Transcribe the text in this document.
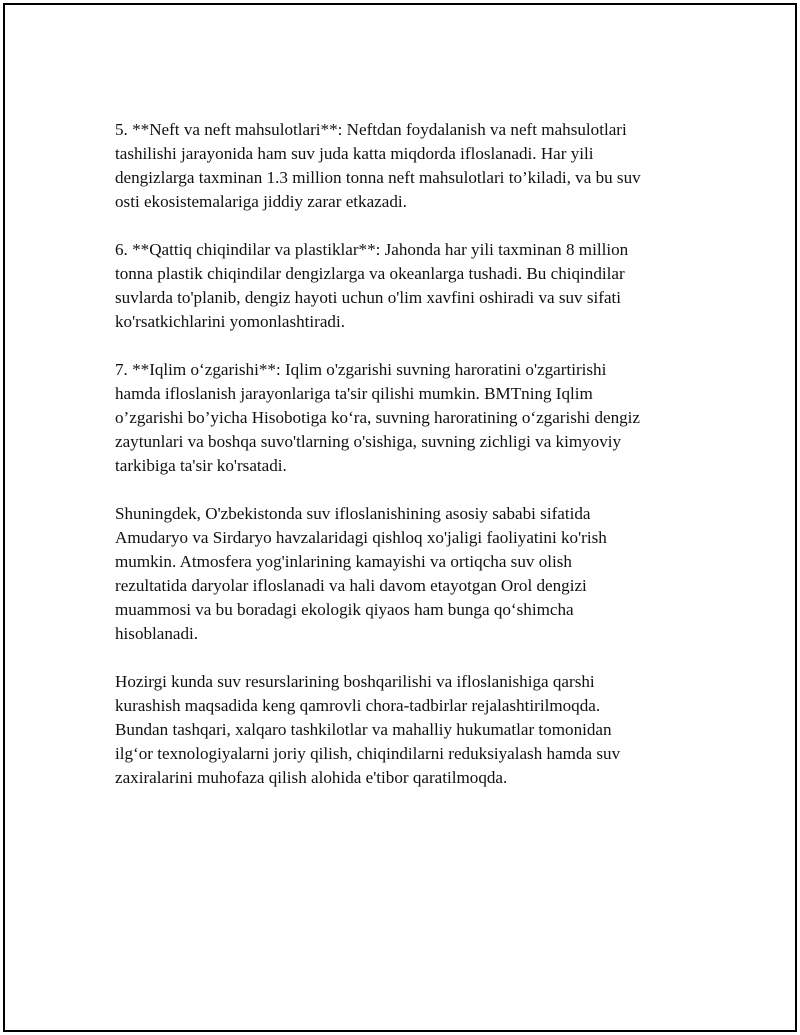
5. **Neft va neft mahsulotlari**: Neftdan foydalanish va neft mahsulotlari
tashilishi jarayonida ham suv juda katta miqdorda ifloslanadi. Har yili
dengizlarga taxminan 1.3 million tonna neft mahsulotlari to’kiladi, va bu suv
osti ekosistemalariga jiddiy zarar etkazadi.

6. **Qattiq chiqindilar va plastiklar**: Jahonda har yili taxminan 8 million
tonna plastik chiqindilar dengizlarga va okeanlarga tushadi. Bu chiqindilar
suvlarda to'planib, dengiz hayoti uchun o'lim xavfini oshiradi va suv sifati
ko'rsatkichlarini yomonlashtiradi.

7. **Iqlim o‘zgarishi**: Iqlim o'zgarishi suvning haroratini o'zgartirishi
hamda ifloslanish jarayonlariga ta'sir qilishi mumkin. BMTning Iqlim
o’zgarishi bo’yicha Hisobotiga ko‘ra, suvning haroratining o‘zgarishi dengiz
zaytunlari va boshqa suvo'tlarning o'sishiga, suvning zichligi va kimyoviy
tarkibiga ta'sir ko'rsatadi.

Shuningdek, O'zbekistonda suv ifloslanishining asosiy sababi sifatida
Amudaryo va Sirdaryo havzalaridagi qishloq xo'jaligi faoliyatini ko'rish
mumkin. Atmosfera yog'inlarining kamayishi va ortiqcha suv olish
rezultatida daryolar ifloslanadi va hali davom etayotgan Orol dengizi
muammosi va bu boradagi ekologik qiyaos ham bunga qo‘shimcha
hisoblanadi.

Hozirgi kunda suv resurslarining boshqarilishi va ifloslanishiga qarshi
kurashish maqsadida keng qamrovli chora-tadbirlar rejalashtirilmoqda.
Bundan tashqari, xalqaro tashkilotlar va mahalliy hukumatlar tomonidan
ilg‘or texnologiyalarni joriy qilish, chiqindilarni reduksiyalash hamda suv
zaxiralarini muhofaza qilish alohida e'tibor qaratilmoqda.
